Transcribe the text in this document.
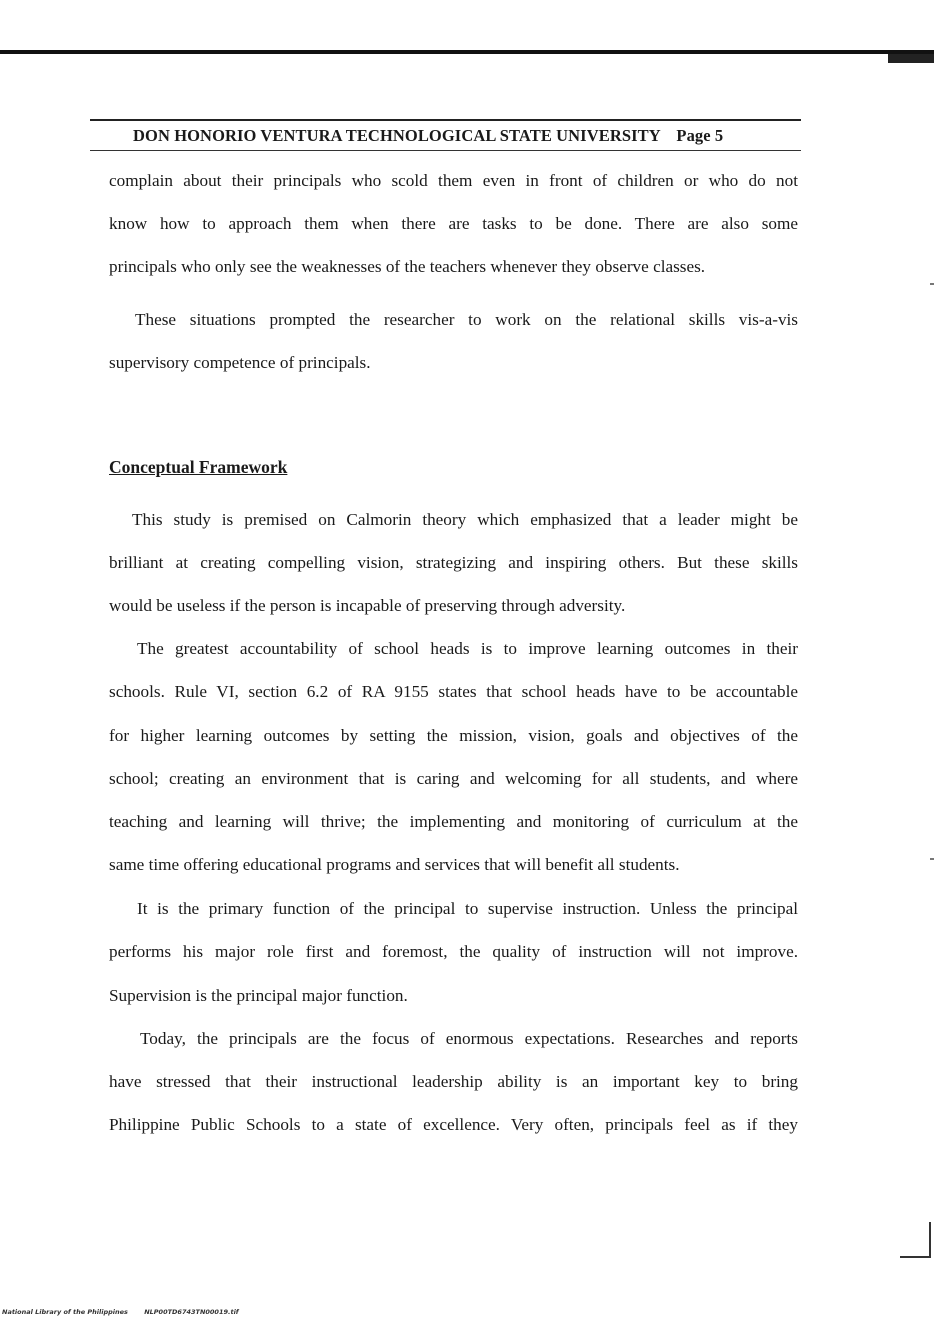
DON HONORIO VENTURA TECHNOLOGICAL STATE UNIVERSITY Page 5
complain about their principals who scold them even in front of children or who do not
know how to approach them when there are tasks to be done. There are also some
principals who only see the weaknesses of the teachers whenever they observe classes.
These situations prompted the researcher to work on the relational skills vis-a-vis
supervisory competence of principals.
Conceptual Framework
This study is premised on Calmorin theory which emphasized that a leader might be
brilliant at creating compelling vision, strategizing and inspiring others. But these skills
would be useless if the person is incapable of preserving through adversity.
The greatest accountability of school heads is to improve learning outcomes in their
schools. Rule VI, section 6.2 of RA 9155 states that school heads have to be accountable
for higher learning outcomes by setting the mission, vision, goals and objectives of the
school; creating an environment that is caring and welcoming for all students, and where
teaching and learning will thrive; the implementing and monitoring of curriculum at the
same time offering educational programs and services that will benefit all students.
It is the primary function of the principal to supervise instruction. Unless the principal
performs his major role first and foremost, the quality of instruction will not improve.
Supervision is the principal major function.
Today, the principals are the focus of enormous expectations. Researches and reports
have stressed that their instructional leadership ability is an important key to bring
Philippine Public Schools to a state of excellence. Very often, principals feel as if they
National Library of the Philippines	NLP00TD6743TN00019.tif
